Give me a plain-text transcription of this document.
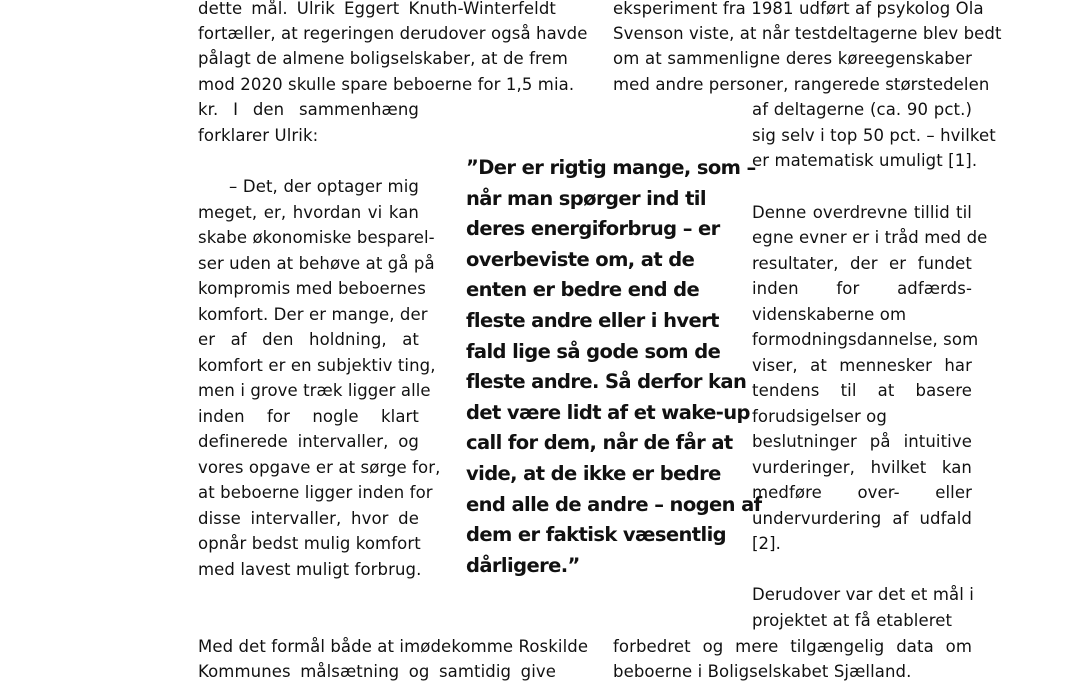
dette mål. Ulrik Eggert Knuth-Winterfeldt
fortæller, at regeringen derudover også havde
pålagt de almene boligselskaber, at de frem
mod 2020 skulle spare beboerne for 1,5 mia.
kr. I den sammenhæng
forklarer Ulrik:
– Det, der optager mig
meget, er, hvordan vi kan
skabe økonomiske besparel-
ser uden at behøve at gå på
kompromis med beboernes
komfort. Der er mange, der
er af den holdning, at
komfort er en subjektiv ting,
men i grove træk ligger alle
inden for nogle klart
definerede intervaller, og
vores opgave er at sørge for,
at beboerne ligger inden for
disse intervaller, hvor de
opnår bedst mulig komfort
med lavest muligt forbrug.
Med det formål både at imødekomme Roskilde
Kommunes målsætning og samtidig give
eksperiment fra 1981 udført af psykolog Ola
Svenson viste, at når testdeltagerne blev bedt
om at sammenligne deres køreegenskaber
med andre personer, rangerede størstedelen
af deltagerne (ca. 90 pct.)
sig selv i top 50 pct. – hvilket
er matematisk umuligt [1].
Denne overdrevne tillid til
egne evner er i tråd med de
resultater, der er fundet
inden for adfærds-
videnskaberne om
formodningsdannelse, som
viser, at mennesker har
tendens til at basere
forudsigelser og
beslutninger på intuitive
vurderinger, hvilket kan
medføre over- eller
undervurdering af udfald
[2].
Derudover var det et mål i
projektet at få etableret
forbedret og mere tilgængelig data om
beboerne i Boligselskabet Sjælland.
”Der er rigtig mange, som –
når man spørger ind til
deres energiforbrug – er
overbeviste om, at de
enten er bedre end de
fleste andre eller i hvert
fald lige så gode som de
fleste andre. Så derfor kan
det være lidt af et wake-up
call for dem, når de får at
vide, at de ikke er bedre
end alle de andre – nogen af
dem er faktisk væsentlig
dårligere.”
